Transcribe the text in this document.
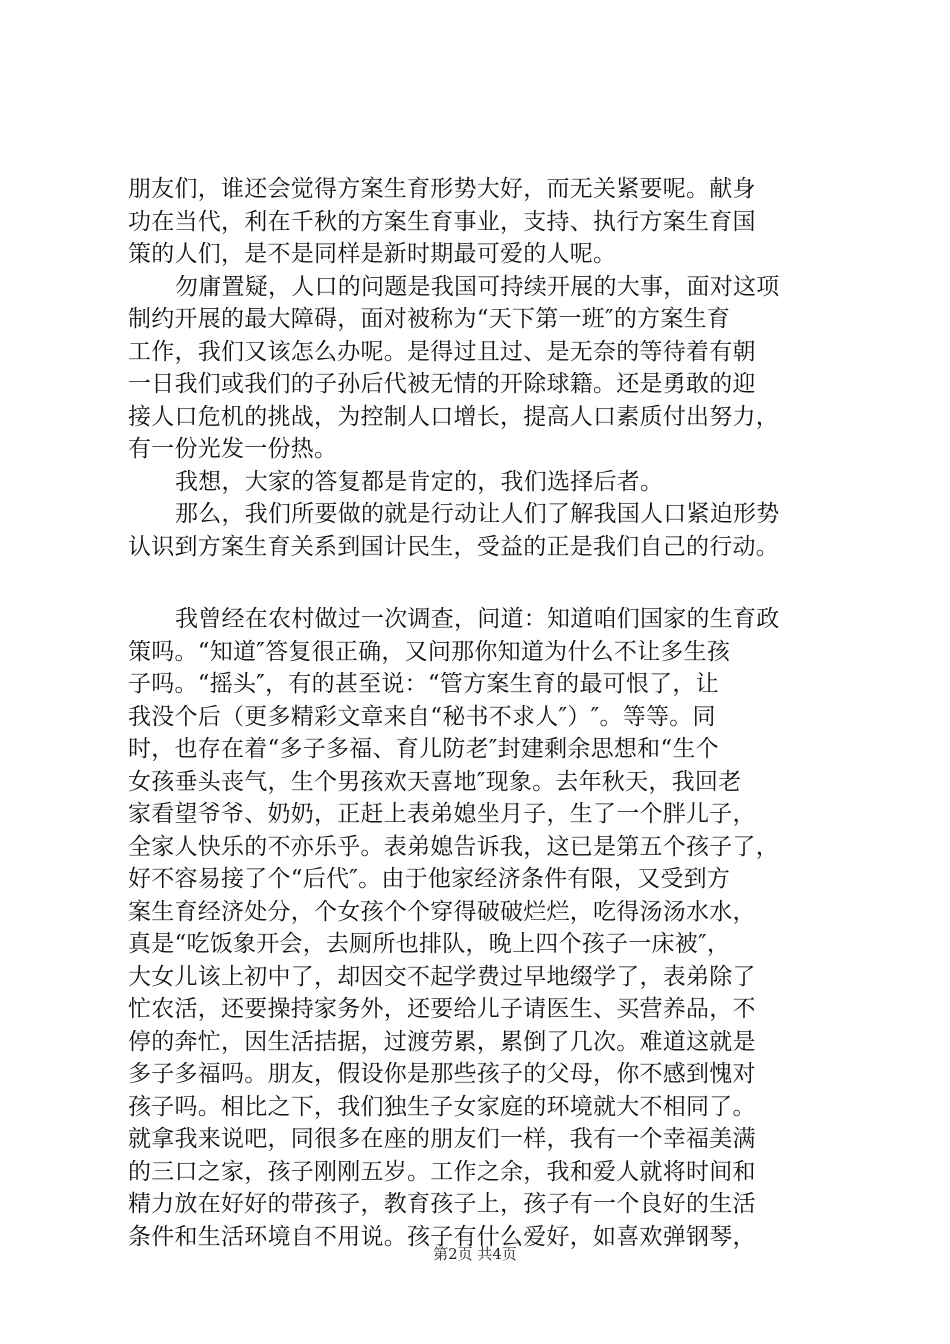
朋友们，谁还会觉得方案生育形势大好，而无关紧要呢。献身
功在当代，利在千秋的方案生育事业，支持、执行方案生育国
策的人们，是不是同样是新时期最可爱的人呢。
勿庸置疑，人口的问题是我国可持续开展的大事，面对这项
制约开展的最大障碍，面对被称为“天下第一班″的方案生育
工作，我们又该怎么办呢。是得过且过、是无奈的等待着有朝
一日我们或我们的子孙后代被无情的开除球籍。还是勇敢的迎
接人口危机的挑战，为控制人口增长，提高人口素质付出努力，
有一份光发一份热。
我想，大家的答复都是肯定的，我们选择后者。
那么，我们所要做的就是行动让人们了解我国人口紧迫形势
认识到方案生育关系到国计民生，受益的正是我们自己的行动。
我曾经在农村做过一次调查，问道：知道咱们国家的生育政
策吗。“知道″答复很正确，又问那你知道为什么不让多生孩
子吗。“摇头″，有的甚至说：“管方案生育的最可恨了，让
我没个后（更多精彩文章来自“秘书不求人″）″。等等。同
时，也存在着“多子多福、育儿防老″封建剩余思想和“生个
女孩垂头丧气，生个男孩欢天喜地″现象。去年秋天，我回老
家看望爷爷、奶奶，正赶上表弟媳坐月子，生了一个胖儿子，
全家人快乐的不亦乐乎。表弟媳告诉我，这已是第五个孩子了，
好不容易接了个“后代″。由于他家经济条件有限，又受到方
案生育经济处分，个女孩个个穿得破破烂烂，吃得汤汤水水，
真是“吃饭象开会，去厕所也排队，晚上四个孩子一床被″，
大女儿该上初中了，却因交不起学费过早地缀学了，表弟除了
忙农活，还要操持家务外，还要给儿子请医生、买营养品，不
停的奔忙，因生活拮据，过渡劳累，累倒了几次。难道这就是
多子多福吗。朋友，假设你是那些孩子的父母，你不感到愧对
孩子吗。相比之下，我们独生子女家庭的环境就大不相同了。
就拿我来说吧，同很多在座的朋友们一样，我有一个幸福美满
的三口之家，孩子刚刚五岁。工作之余，我和爱人就将时间和
精力放在好好的带孩子，教育孩子上，孩子有一个良好的生活
条件和生活环境自不用说。孩子有什么爱好，如喜欢弹钢琴，
第2页 共4页
